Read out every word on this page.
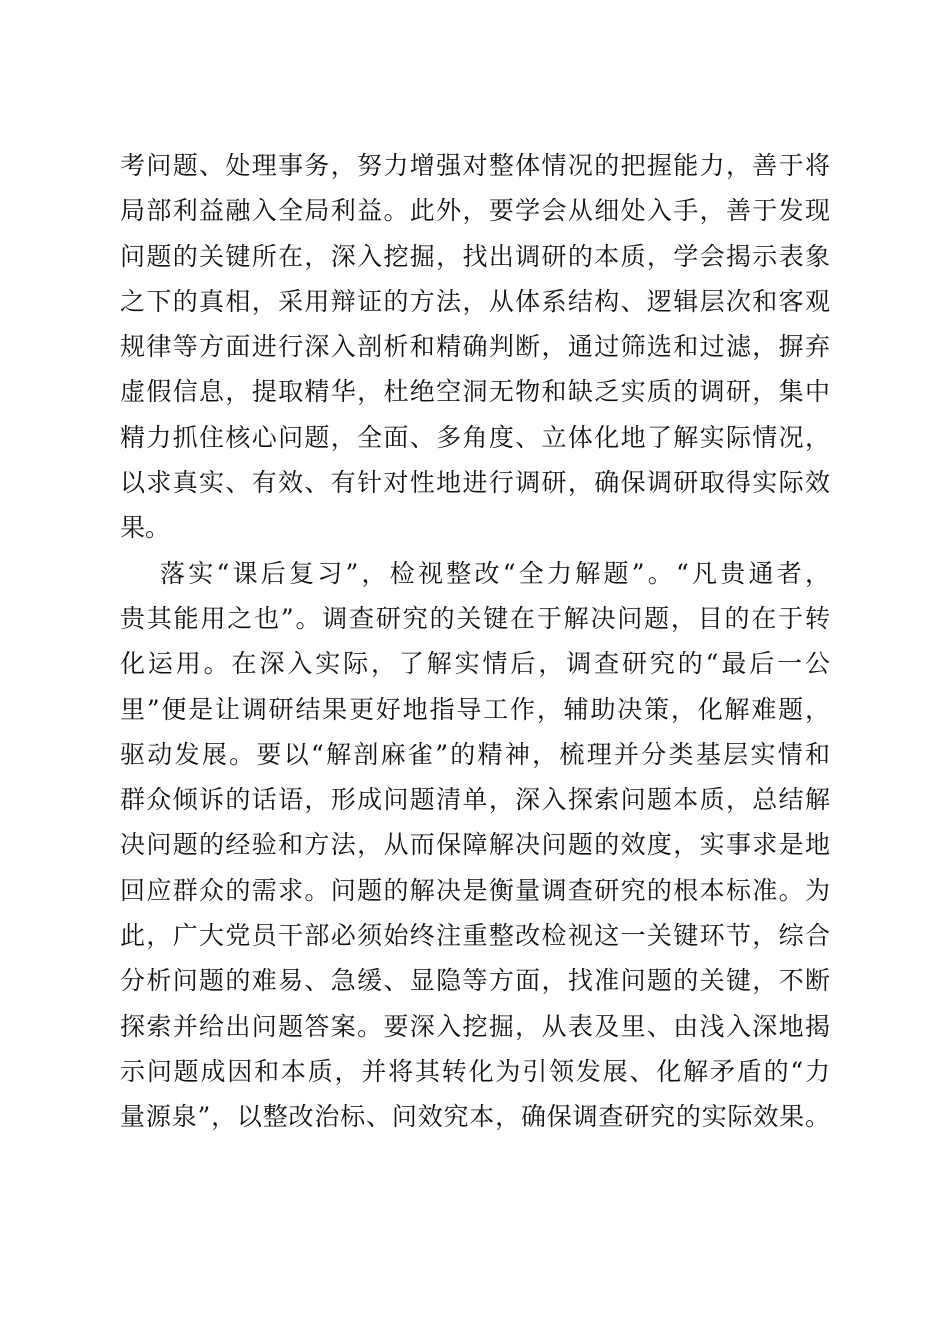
考问题、处理事务，努力增强对整体情况的把握能力，善于将
局部利益融入全局利益。此外，要学会从细处入手，善于发现
问题的关键所在，深入挖掘，找出调研的本质，学会揭示表象
之下的真相，采用辩证的方法，从体系结构、逻辑层次和客观
规律等方面进行深入剖析和精确判断，通过筛选和过滤，摒弃
虚假信息，提取精华，杜绝空洞无物和缺乏实质的调研，集中
精力抓住核心问题，全面、多角度、立体化地了解实际情况，
以求真实、有效、有针对性地进行调研，确保调研取得实际效
果。
落实“课后复习”，检视整改“全力解题”。“凡贵通者，
贵其能用之也”。调查研究的关键在于解决问题，目的在于转
化运用。在深入实际，了解实情后，调查研究的“最后一公
里”便是让调研结果更好地指导工作，辅助决策，化解难题，
驱动发展。要以“解剖麻雀”的精神，梳理并分类基层实情和
群众倾诉的话语，形成问题清单，深入探索问题本质，总结解
决问题的经验和方法，从而保障解决问题的效度，实事求是地
回应群众的需求。问题的解决是衡量调查研究的根本标准。为
此，广大党员干部必须始终注重整改检视这一关键环节，综合
分析问题的难易、急缓、显隐等方面，找准问题的关键，不断
探索并给出问题答案。要深入挖掘，从表及里、由浅入深地揭
示问题成因和本质，并将其转化为引领发展、化解矛盾的“力
量源泉”，以整改治标、问效究本，确保调查研究的实际效果。
